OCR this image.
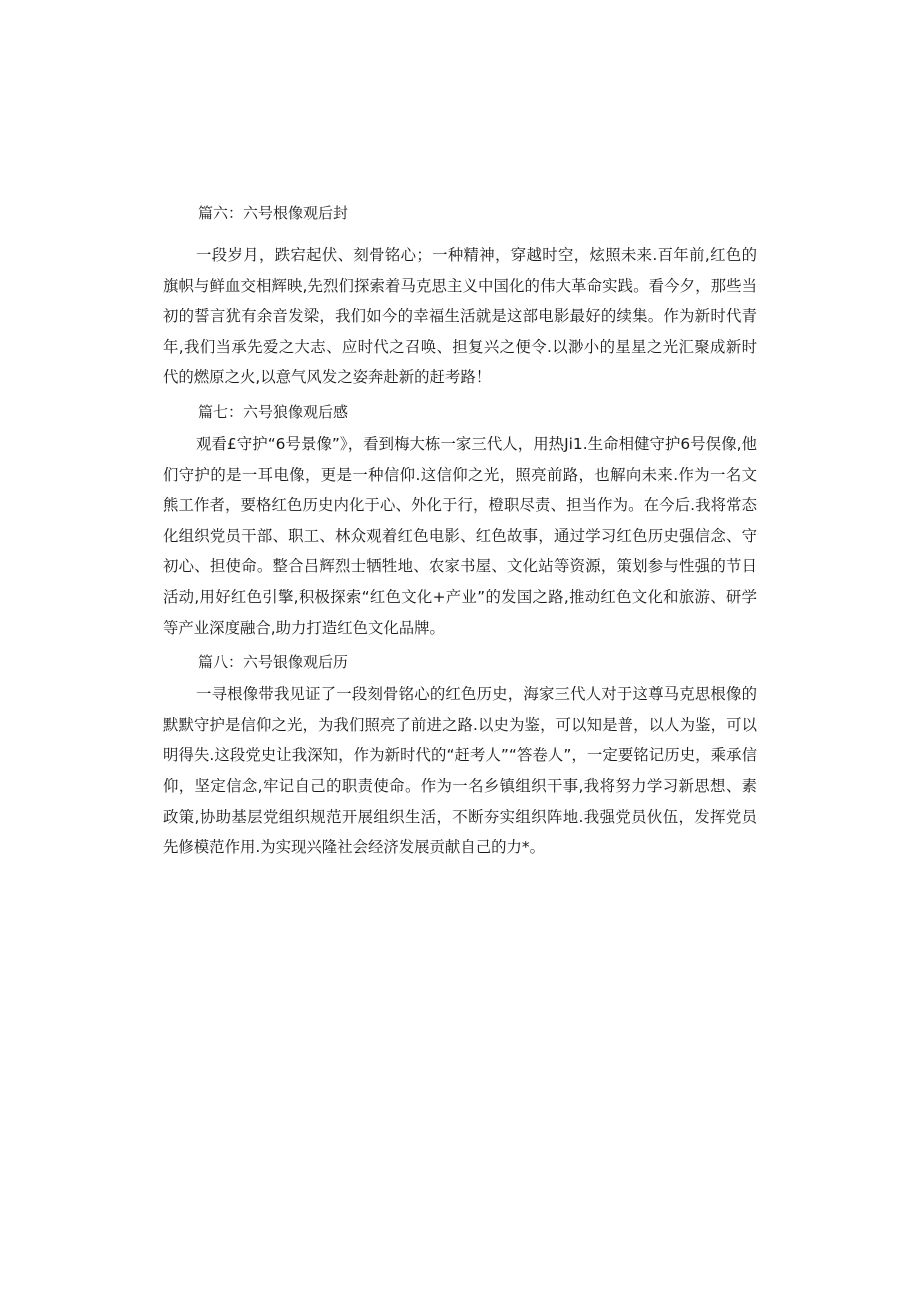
篇六：六号根像观后封

一段岁月，跌宕起伏、刻骨铭心；一种精神，穿越时空，炫照未来.百年前,红色的旗帜与鲜血交相辉映,先烈们探索着马克思主义中国化的伟大革命实践。看今夕，那些当初的誓言犹有余音发梁，我们如今的幸福生活就是这部电影最好的续集。作为新时代青年,我们当承先爱之大志、应时代之召唤、担复兴之便令.以渺小的星星之光汇聚成新时代的燃原之火,以意气风发之姿奔赴新的赶考路！

篇七：六号狼像观后感

观看£守护“6号景像”》，看到梅大栋一家三代人，用热Ji1.生命相健守护6号俣像,他们守护的是一耳电像，更是一种信仰.这信仰之光，照亮前路，也解向未来.作为一名文熊工作者，要格红色历史内化于心、外化于行，橙职尽责、担当作为。在今后.我将常态化组织党员干部、职工、林众观着红色电影、红色故事，通过学习红色历史强信念、守初心、担使命。整合吕辉烈士牺牲地、农家书屋、文化站等资源，策划参与性强的节日活动,用好红色引擎,积极探索“红色文化+产业”的发国之路,推动红色文化和旅游、研学等产业深度融合,助力打造红色文化品牌。

篇八：六号银像观后历

一寻根像带我见证了一段刻骨铭心的红色历史，海家三代人对于这尊马克思根像的默默守护是信仰之光，为我们照亮了前进之路.以史为鉴，可以知是普，以人为鉴，可以明得失.这段党史让我深知，作为新时代的“赶考人”“答卷人”，一定要铭记历史，乘承信仰，坚定信念,牢记自己的职责使命。作为一名乡镇组织干事,我将努力学习新思想、素政策,协助基层党组织规范开展组织生活，不断夯实组织阵地.我强党员伙伍，发挥党员先修模范作用.为实现兴隆社会经济发展贡献自己的力*。
